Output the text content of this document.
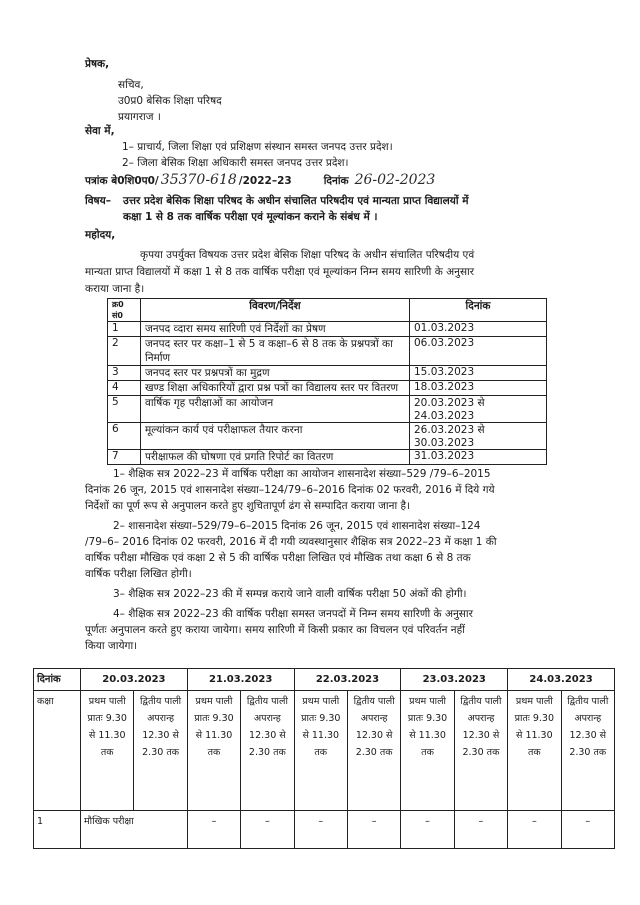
प्रेषक,
सचिव,
उ0प्र0 बेसिक शिक्षा परिषद
प्रयागराज ।
सेवा में,
1– प्राचार्य, जिला शिक्षा एवं प्रशिक्षण संस्थान समस्त जनपद उत्तर प्रदेश।
2– जिला बेसिक शिक्षा अधिकारी समस्त जनपद उत्तर प्रदेश।
पत्रांक बे0शि0प0/ 35370-618 /2022–23	दिनांक 26-02-2023
विषय– उत्तर प्रदेश बेसिक शिक्षा परिषद के अधीन संचालित परिषदीय एवं मान्यता प्राप्त विद्यालयों में
कक्षा 1 से 8 तक वार्षिक परीक्षा एवं मूल्यांकन कराने के संबंध में ।
महोदय,
कृपया उपर्युक्त विषयक उत्तर प्रदेश बेसिक शिक्षा परिषद के अधीन संचालित परिषदीय एवं
मान्यता प्राप्त विद्यालयों में कक्षा 1 से 8 तक वार्षिक परीक्षा एवं मूल्यांकन निम्न समय सारिणी के अनुसार
कराया जाना है।
क्र0 सं0	विवरण/निर्देश	दिनांक
1	जनपद व्दारा समय सारिणी एवं निर्देशों का प्रेषण	01.03.2023
2	जनपद स्तर पर कक्षा–1 से 5 व कक्षा–6 से 8 तक के प्रश्नपत्रों का निर्माण	06.03.2023
3	जनपद स्तर पर प्रश्नपत्रों का मुद्रण	15.03.2023
4	खण्ड शिक्षा अधिकारियों द्वारा प्रश्न पत्रों का विद्यालय स्तर पर वितरण	18.03.2023
5	वार्षिक गृह परीक्षाओं का आयोजन	20.03.2023 से 24.03.2023
6	मूल्यांकन कार्य एवं परीक्षाफल तैयार करना	26.03.2023 से 30.03.2023
7	परीक्षाफल की घोषणा एवं प्रगति रिपोर्ट का वितरण	31.03.2023
1– शैक्षिक सत्र 2022–23 में वार्षिक परीक्षा का आयोजन शासनादेश संख्या–529 /79–6–2015
दिनांक 26 जून, 2015 एवं शासनादेश संख्या–124/79–6–2016 दिनांक 02 फरवरी, 2016 में दिये गये
निर्देशों का पूर्ण रूप से अनुपालन करते हुए शुचितापूर्ण ढंग से सम्पादित कराया जाना है।
2– शासनादेश संख्या–529/79–6–2015 दिनांक 26 जून, 2015 एवं शासनादेश संख्या–124
/79–6– 2016 दिनांक 02 फरवरी, 2016 में दी गयी व्यवस्थानुसार शैक्षिक सत्र 2022–23 में कक्षा 1 की
वार्षिक परीक्षा मौखिक एवं कक्षा 2 से 5 की वार्षिक परीक्षा लिखित एवं मौखिक तथा कक्षा 6 से 8 तक
वार्षिक परीक्षा लिखित होगी।
3– शैक्षिक सत्र 2022–23 की में सम्पन्न कराये जाने वाली वार्षिक परीक्षा 50 अंकों की होगी।
4– शैक्षिक सत्र 2022–23 की वार्षिक परीक्षा समस्त जनपदों में निम्न समय सारिणी के अनुसार
पूर्णतः अनुपालन करते हुए कराया जायेगा। समय सारिणी में किसी प्रकार का विचलन एवं परिवर्तन नहीं
किया जायेगा।
दिनांक	20.03.2023		21.03.2023		22.03.2023		23.03.2023		24.03.2023	
कक्षा	प्रथम पाली प्रातः 9.30 से 11.30 तक	द्वितीय पाली अपरान्ह 12.30 से 2.30 तक	प्रथम पाली प्रातः 9.30 से 11.30 तक	द्वितीय पाली अपरान्ह 12.30 से 2.30 तक	प्रथम पाली प्रातः 9.30 से 11.30 तक	द्वितीय पाली अपरान्ह 12.30 से 2.30 तक	प्रथम पाली प्रातः 9.30 से 11.30 तक	द्वितीय पाली अपरान्ह 12.30 से 2.30 तक	प्रथम पाली प्रातः 9.30 से 11.30 तक	द्वितीय पाली अपरान्ह 12.30 से 2.30 तक
1	मौखिक परीक्षा		–	–	–	–	–	–	–	–
